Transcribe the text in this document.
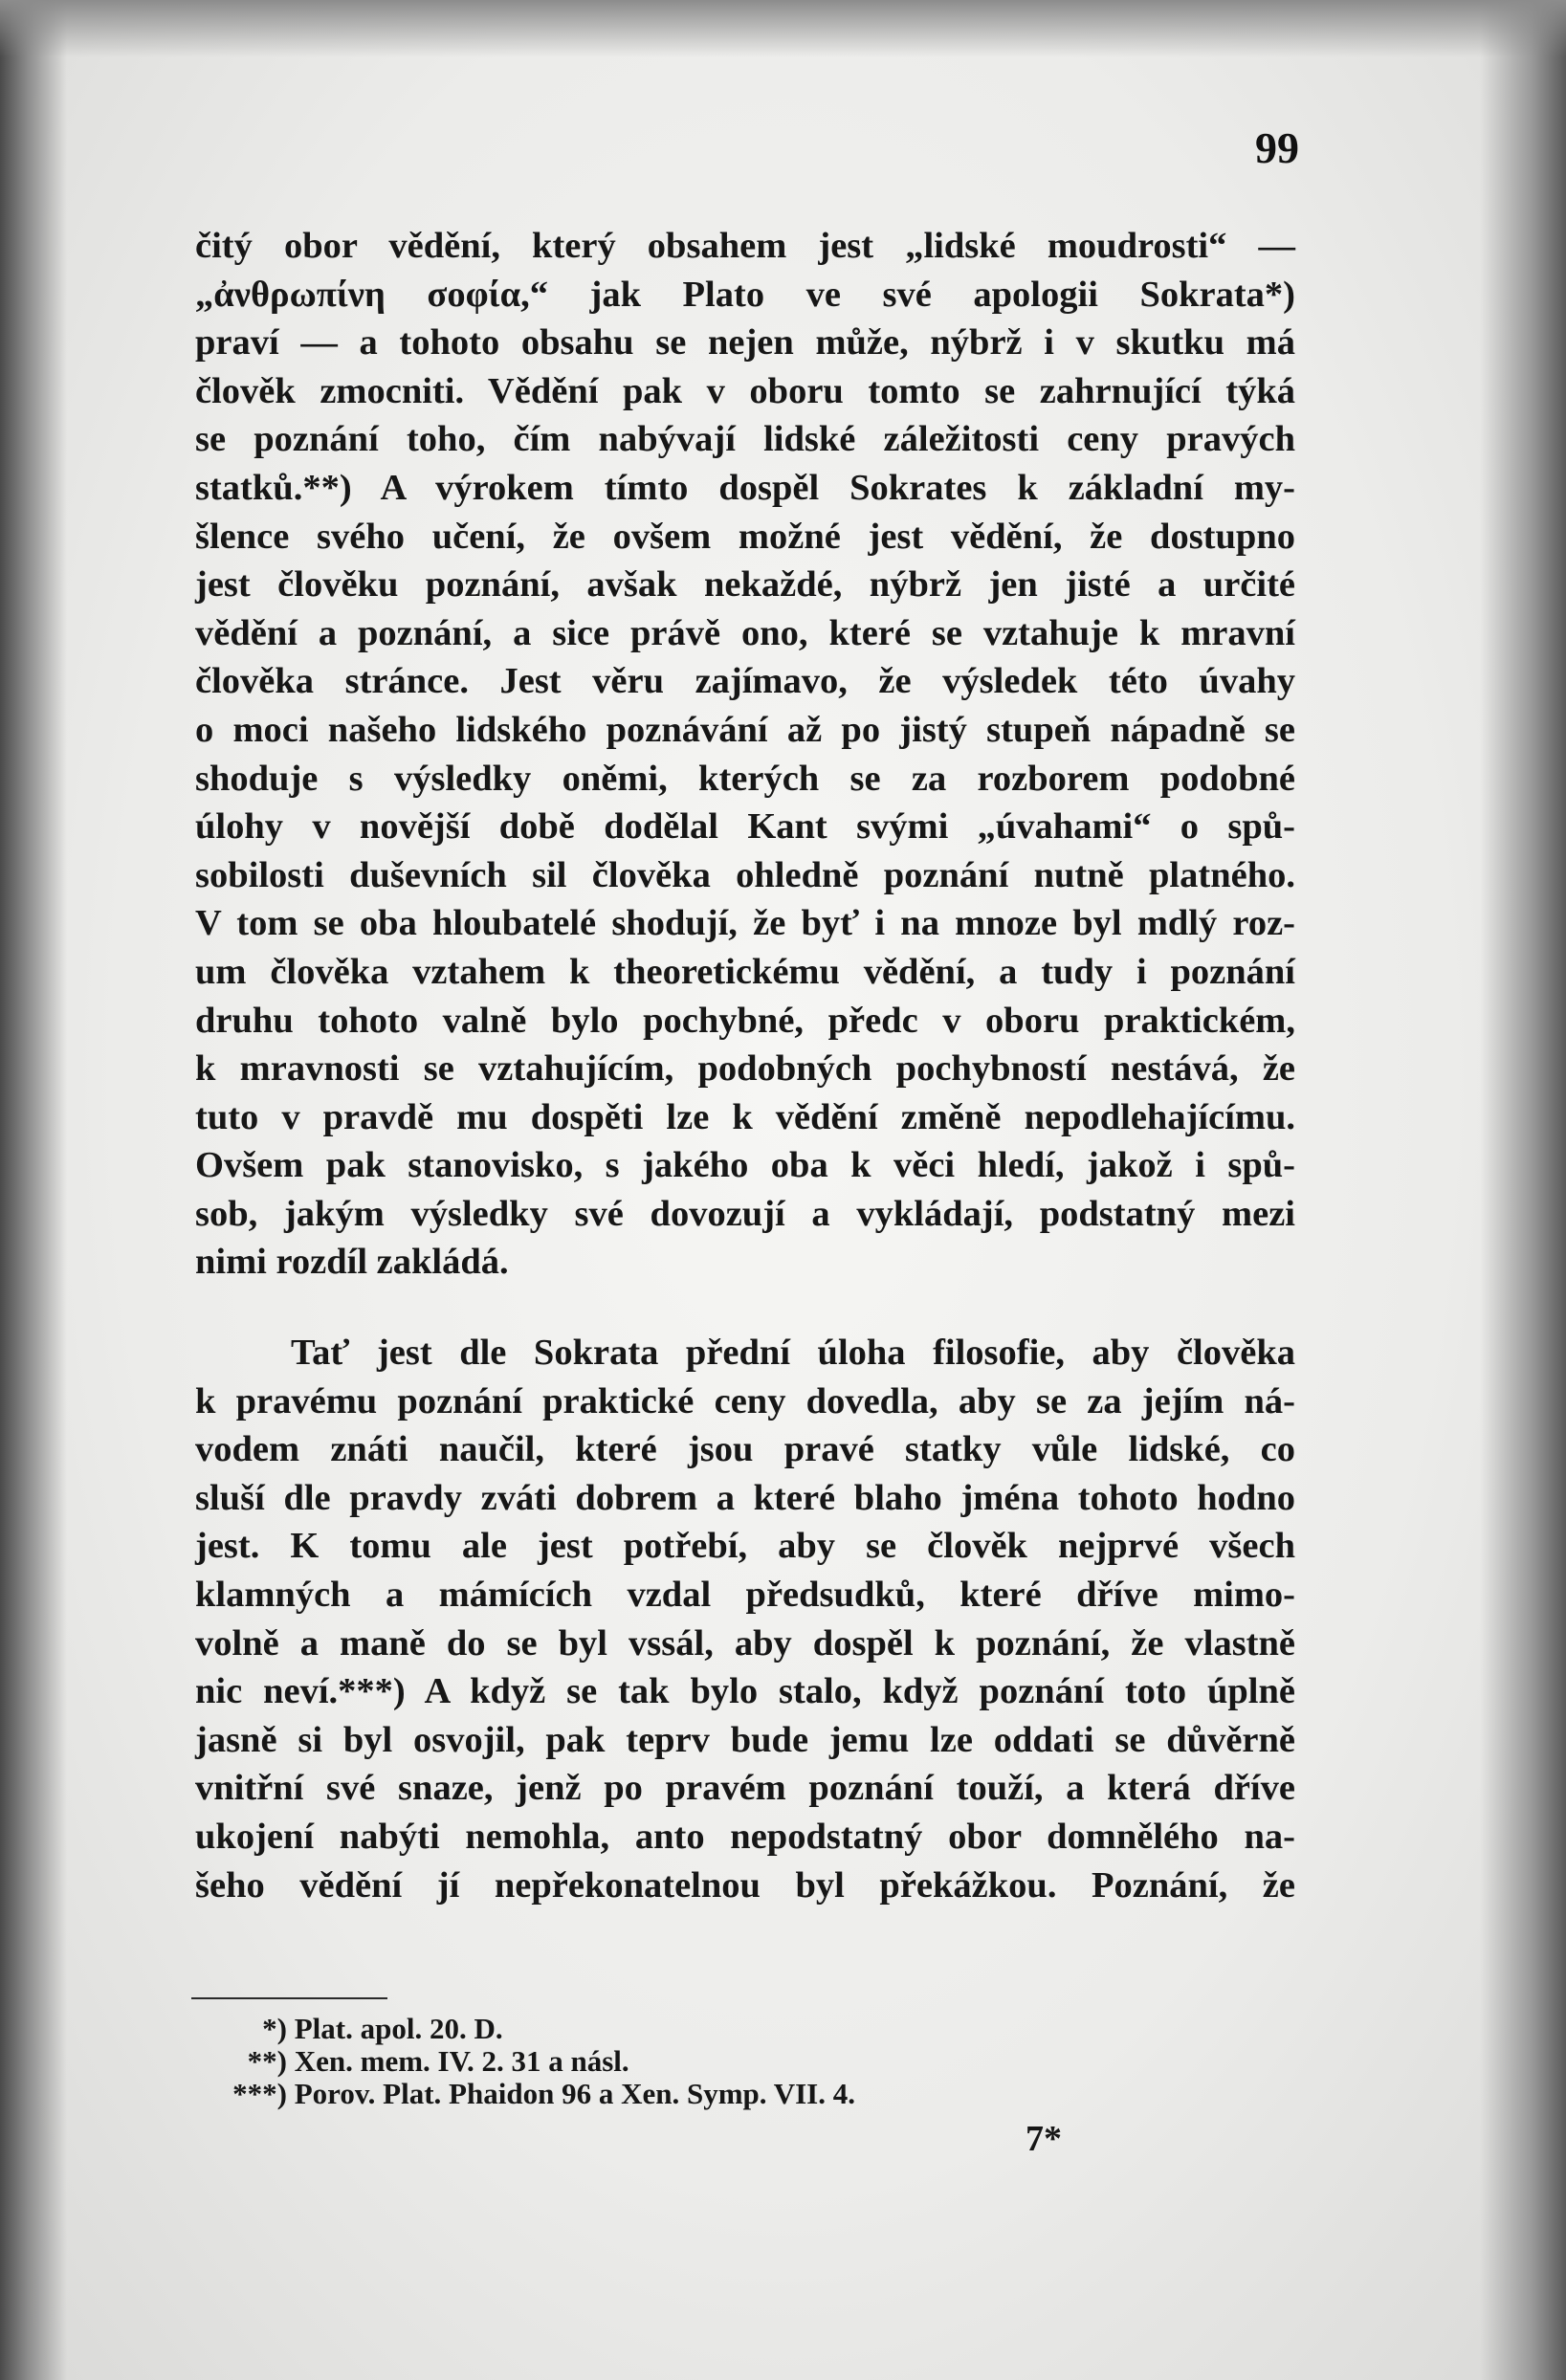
99
čitý obor vědění, který obsahem jest „lidské moudrosti“ —
„ἀνθρωπίνη σοφία,“ jak Plato ve své apologii Sokrata*)
praví — a tohoto obsahu se nejen může, nýbrž i v skutku má
člověk zmocniti. Vědění pak v oboru tomto se zahrnující týká
se poznání toho, čím nabývají lidské záležitosti ceny pravých
statků.**) A výrokem tímto dospěl Sokrates k základní my-
šlence svého učení, že ovšem možné jest vědění, že dostupno
jest člověku poznání, avšak nekaždé, nýbrž jen jisté a určité
vědění a poznání, a sice právě ono, které se vztahuje k mravní
člověka stránce. Jest věru zajímavo, že výsledek této úvahy
o moci našeho lidského poznávání až po jistý stupeň nápadně se
shoduje s výsledky oněmi, kterých se za rozborem podobné
úlohy v novější době dodělal Kant svými „úvahami“ o spů-
sobilosti duševních sil člověka ohledně poznání nutně platného.
V tom se oba hloubatelé shodují, že byť i na mnoze byl mdlý roz-
um člověka vztahem k theoretickému vědění, a tudy i poznání
druhu tohoto valně bylo pochybné, předc v oboru praktickém,
k mravnosti se vztahujícím, podobných pochybností nestává, že
tuto v pravdě mu dospěti lze k vědění změně nepodlehajícímu.
Ovšem pak stanovisko, s jakého oba k věci hledí, jakož i spů-
sob, jakým výsledky své dovozují a vykládají, podstatný mezi
nimi rozdíl zakládá.
Tať jest dle Sokrata přední úloha filosofie, aby člověka
k pravému poznání praktické ceny dovedla, aby se za jejím ná-
vodem znáti naučil, které jsou pravé statky vůle lidské, co
sluší dle pravdy zváti dobrem a které blaho jména tohoto hodno
jest. K tomu ale jest potřebí, aby se člověk nejprvé všech
klamných a mámících vzdal předsudků, které dříve mimo-
volně a maně do se byl vssál, aby dospěl k poznání, že vlastně
nic neví.***) A když se tak bylo stalo, když poznání toto úplně
jasně si byl osvojil, pak teprv bude jemu lze oddati se důvěrně
vnitřní své snaze, jenž po pravém poznání touží, a která dříve
ukojení nabýti nemohla, anto nepodstatný obor domnělého na-
šeho vědění jí nepřekonatelnou byl překážkou. Poznání, že
*) Plat. apol. 20. D.
**) Xen. mem. IV. 2. 31 a násl.
***) Porov. Plat. Phaidon 96 a Xen. Symp. VII. 4.
7*
